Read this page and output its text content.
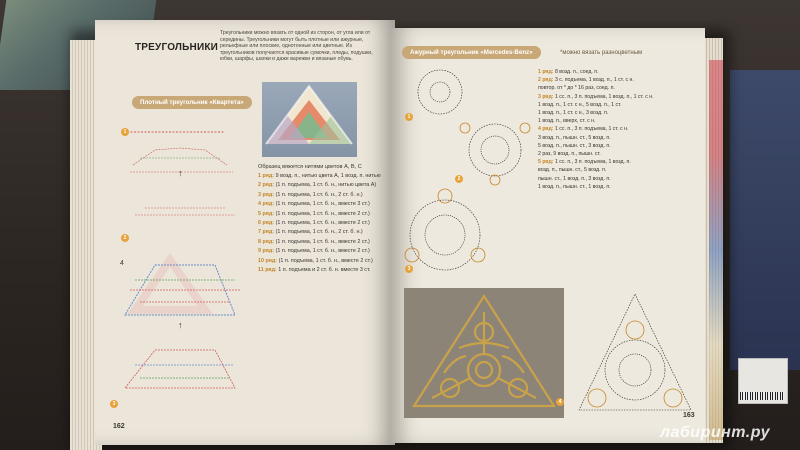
ТРЕУГОЛЬНИКИ
Треугольники можно вязать от одной из сторон, от угла или от середины. Треугольники могут быть плотные или ажурные, рельефные или плоские, однотонные или цветные. Из треугольников получаются красивые сумочки, пледы, подушки, юбки, шарфы, шапки и даже варежки и вязаные обувь.
Плотный треугольник «Квартета»
↑
↑
1
2
3
4
Образец вяжется нитями цветов A, B, C
1 ряд: 9 возд. п., нитью цвета А, 1 возд. п. нитью
2 ряд: (1 п. подъема, 1 ст. б. н., нитью цвета А)
3 ряд: (1 п. подъема, 1 ст. б. н., 2 ст. б. н.)
4 ряд: (1 п. подъема, 1 ст. б. н., вместе 3 ст.)
5 ряд: (1 п. подъема, 1 ст. б. н., вместе 2 ст.)
6 ряд: (1 п. подъема, 1 ст. б. н., вместе 2 ст.)
7 ряд: (1 п. подъема, 1 ст. б. н., 2 ст. б. н.)
8 ряд: (1 п. подъема, 1 ст. б. н., вместе 2 ст.)
9 ряд: (1 п. подъема, 1 ст. б. н., вместе 2 ст.)
10 ряд: (1 п. подъема, 1 ст. б. н., вместе 2 ст.)
11 ряд: 1 п. подъема и 2 ст. б. н. вместе 3 ст.
162
Ажурный треугольник «Mercedes-Benz»	*можно вязать разноцветным
1
2
3
4
1 ряд: 8 возд. п., соед. п.
2 ряд: 3 с. подъема, 1 возд. п., 1 ст. с н.
повтор. от * до * 16 раз, соед. п.
3 ряд: 1 сс. п., 3 п. подъема, 1 возд. п., 1 ст. с н.
1 возд. п., 1 ст. с н., 5 возд. п., 1 ст.
1 возд. п., 1 ст. с н., 3 возд. п.
1 возд. п., вверх, ст. с н.
4 ряд: 1 сс. п., 3 п. подъема, 1 ст. с н.
3 возд. п., пышн. ст., 5 возд. п.
5 возд. п., пышн. ст., 3 возд. п.
2 раз, 9 возд. п., пышн. ст.
5 ряд: 1 сс. п., 3 п. подъема, 1 возд. п.
возд. п., пышн. ст., 5 возд. п.
пышн. ст., 1 возд. п., 3 возд. п.
1 возд. п., пышн. ст., 1 возд. п.
163
лабиринт.ру
